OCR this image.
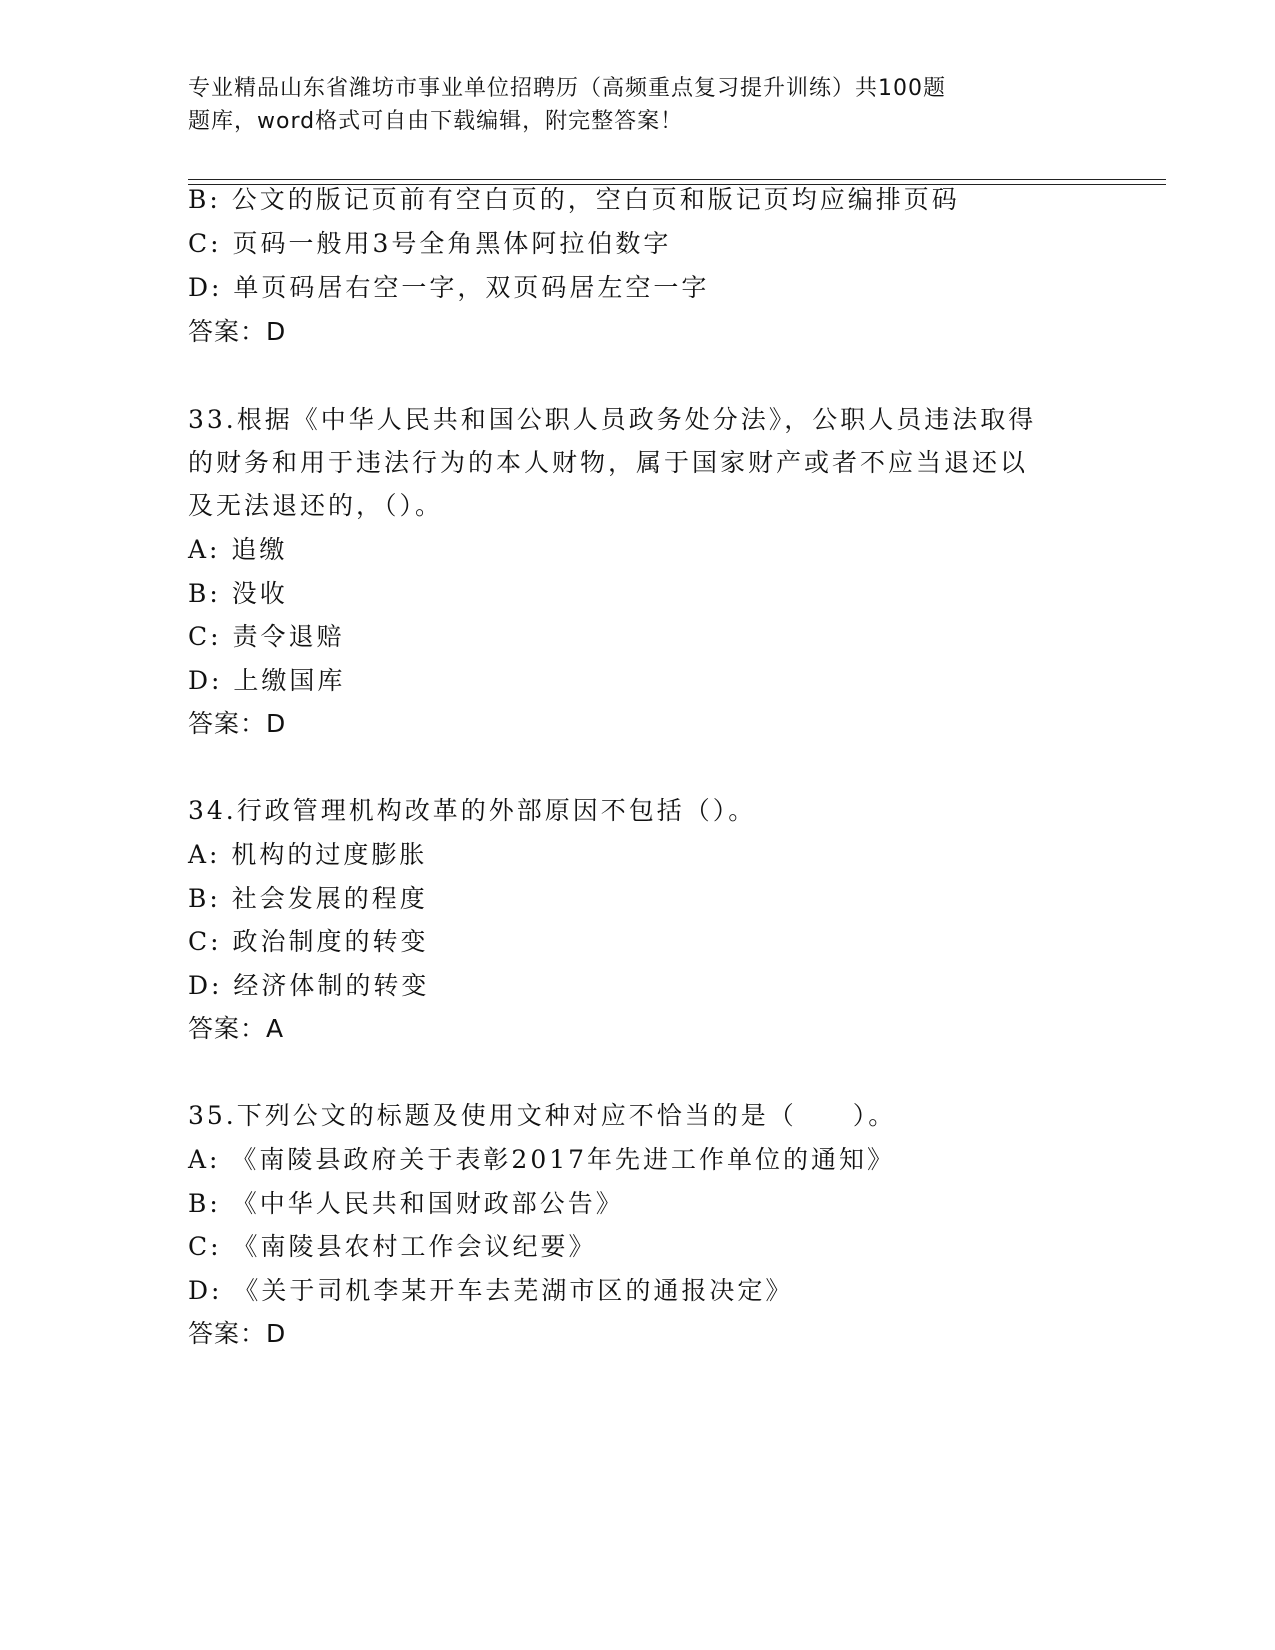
专业精品山东省潍坊市事业单位招聘历（高频重点复习提升训练）共100题
题库，word格式可自由下载编辑，附完整答案！
B: 公文的版记页前有空白页的，空白页和版记页均应编排页码
C: 页码一般用3号全角黑体阿拉伯数字
D: 单页码居右空一字，双页码居左空一字
答案：D
33.根据《中华人民共和国公职人员政务处分法》，公职人员违法取得
的财务和用于违法行为的本人财物，属于国家财产或者不应当退还以
及无法退还的，（）。
A: 追缴
B: 没收
C: 责令退赔
D: 上缴国库
答案：D
34.行政管理机构改革的外部原因不包括（）。
A: 机构的过度膨胀
B: 社会发展的程度
C: 政治制度的转变
D: 经济体制的转变
答案：A
35.下列公文的标题及使用文种对应不恰当的是（　　）。
A: 《南陵县政府关于表彰2017年先进工作单位的通知》
B: 《中华人民共和国财政部公告》
C: 《南陵县农村工作会议纪要》
D: 《关于司机李某开车去芜湖市区的通报决定》
答案：D
